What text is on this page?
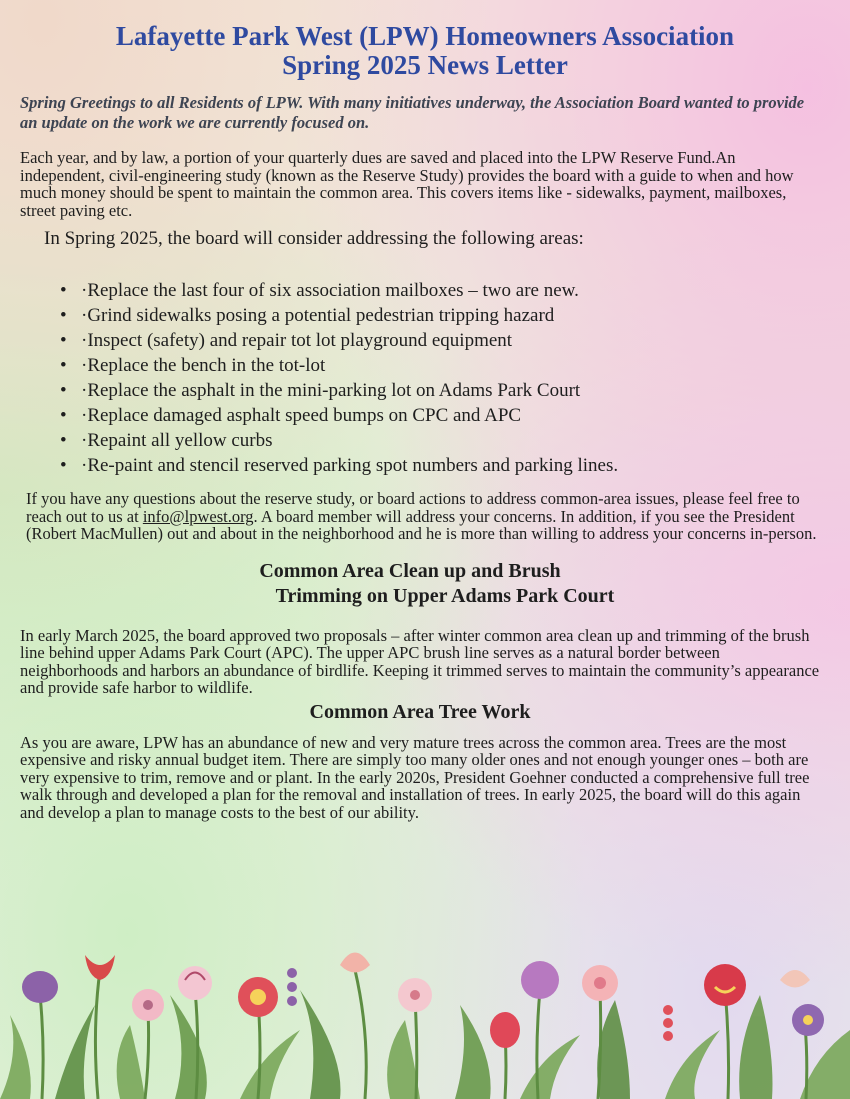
Lafayette Park West (LPW) Homeowners Association
Spring 2025 News Letter

Spring Greetings to all Residents of LPW. With many initiatives underway, the Association Board wanted to provide an update on the work we are currently focused on.

Each year, and by law, a portion of your quarterly dues are saved and placed into the LPW Reserve Fund.An independent, civil-engineering study (known as the Reserve Study) provides the board with a guide to when and how much money should be spent to maintain the common area. This covers items like - sidewalks, payment, mailboxes, street paving etc.

In Spring 2025, the board will consider addressing the following areas:

• ·Replace the last four of six association mailboxes – two are new.
• ·Grind sidewalks posing a potential pedestrian tripping hazard
• ·Inspect (safety) and repair tot lot playground equipment
• ·Replace the bench in the tot-lot
• ·Replace the asphalt in the mini-parking lot on Adams Park Court
• ·Replace damaged asphalt speed bumps on CPC and APC
• ·Repaint all yellow curbs
• ·Re-paint and stencil reserved parking spot numbers and parking lines.

If you have any questions about the reserve study, or board actions to address common-area issues, please feel free to reach out to us at info@lpwest.org. A board member will address your concerns. In addition, if you see the President (Robert MacMullen) out and about in the neighborhood and he is more than willing to address your concerns in-person.

Common Area Clean up and Brush
Trimming on Upper Adams Park Court

In early March 2025, the board approved two proposals – after winter common area clean up and trimming of the brush line behind upper Adams Park Court (APC). The upper APC brush line serves as a natural border between neighborhoods and harbors an abundance of birdlife. Keeping it trimmed serves to maintain the community’s appearance and provide safe harbor to wildlife.

Common Area Tree Work

As you are aware, LPW has an abundance of new and very mature trees across the common area. Trees are the most expensive and risky annual budget item. There are simply too many older ones and not enough younger ones – both are very expensive to trim, remove and or plant. In the early 2020s, President Goehner conducted a comprehensive full tree walk through and developed a plan for the removal and installation of trees. In early 2025, the board will do this again and develop a plan to manage costs to the best of our ability.
